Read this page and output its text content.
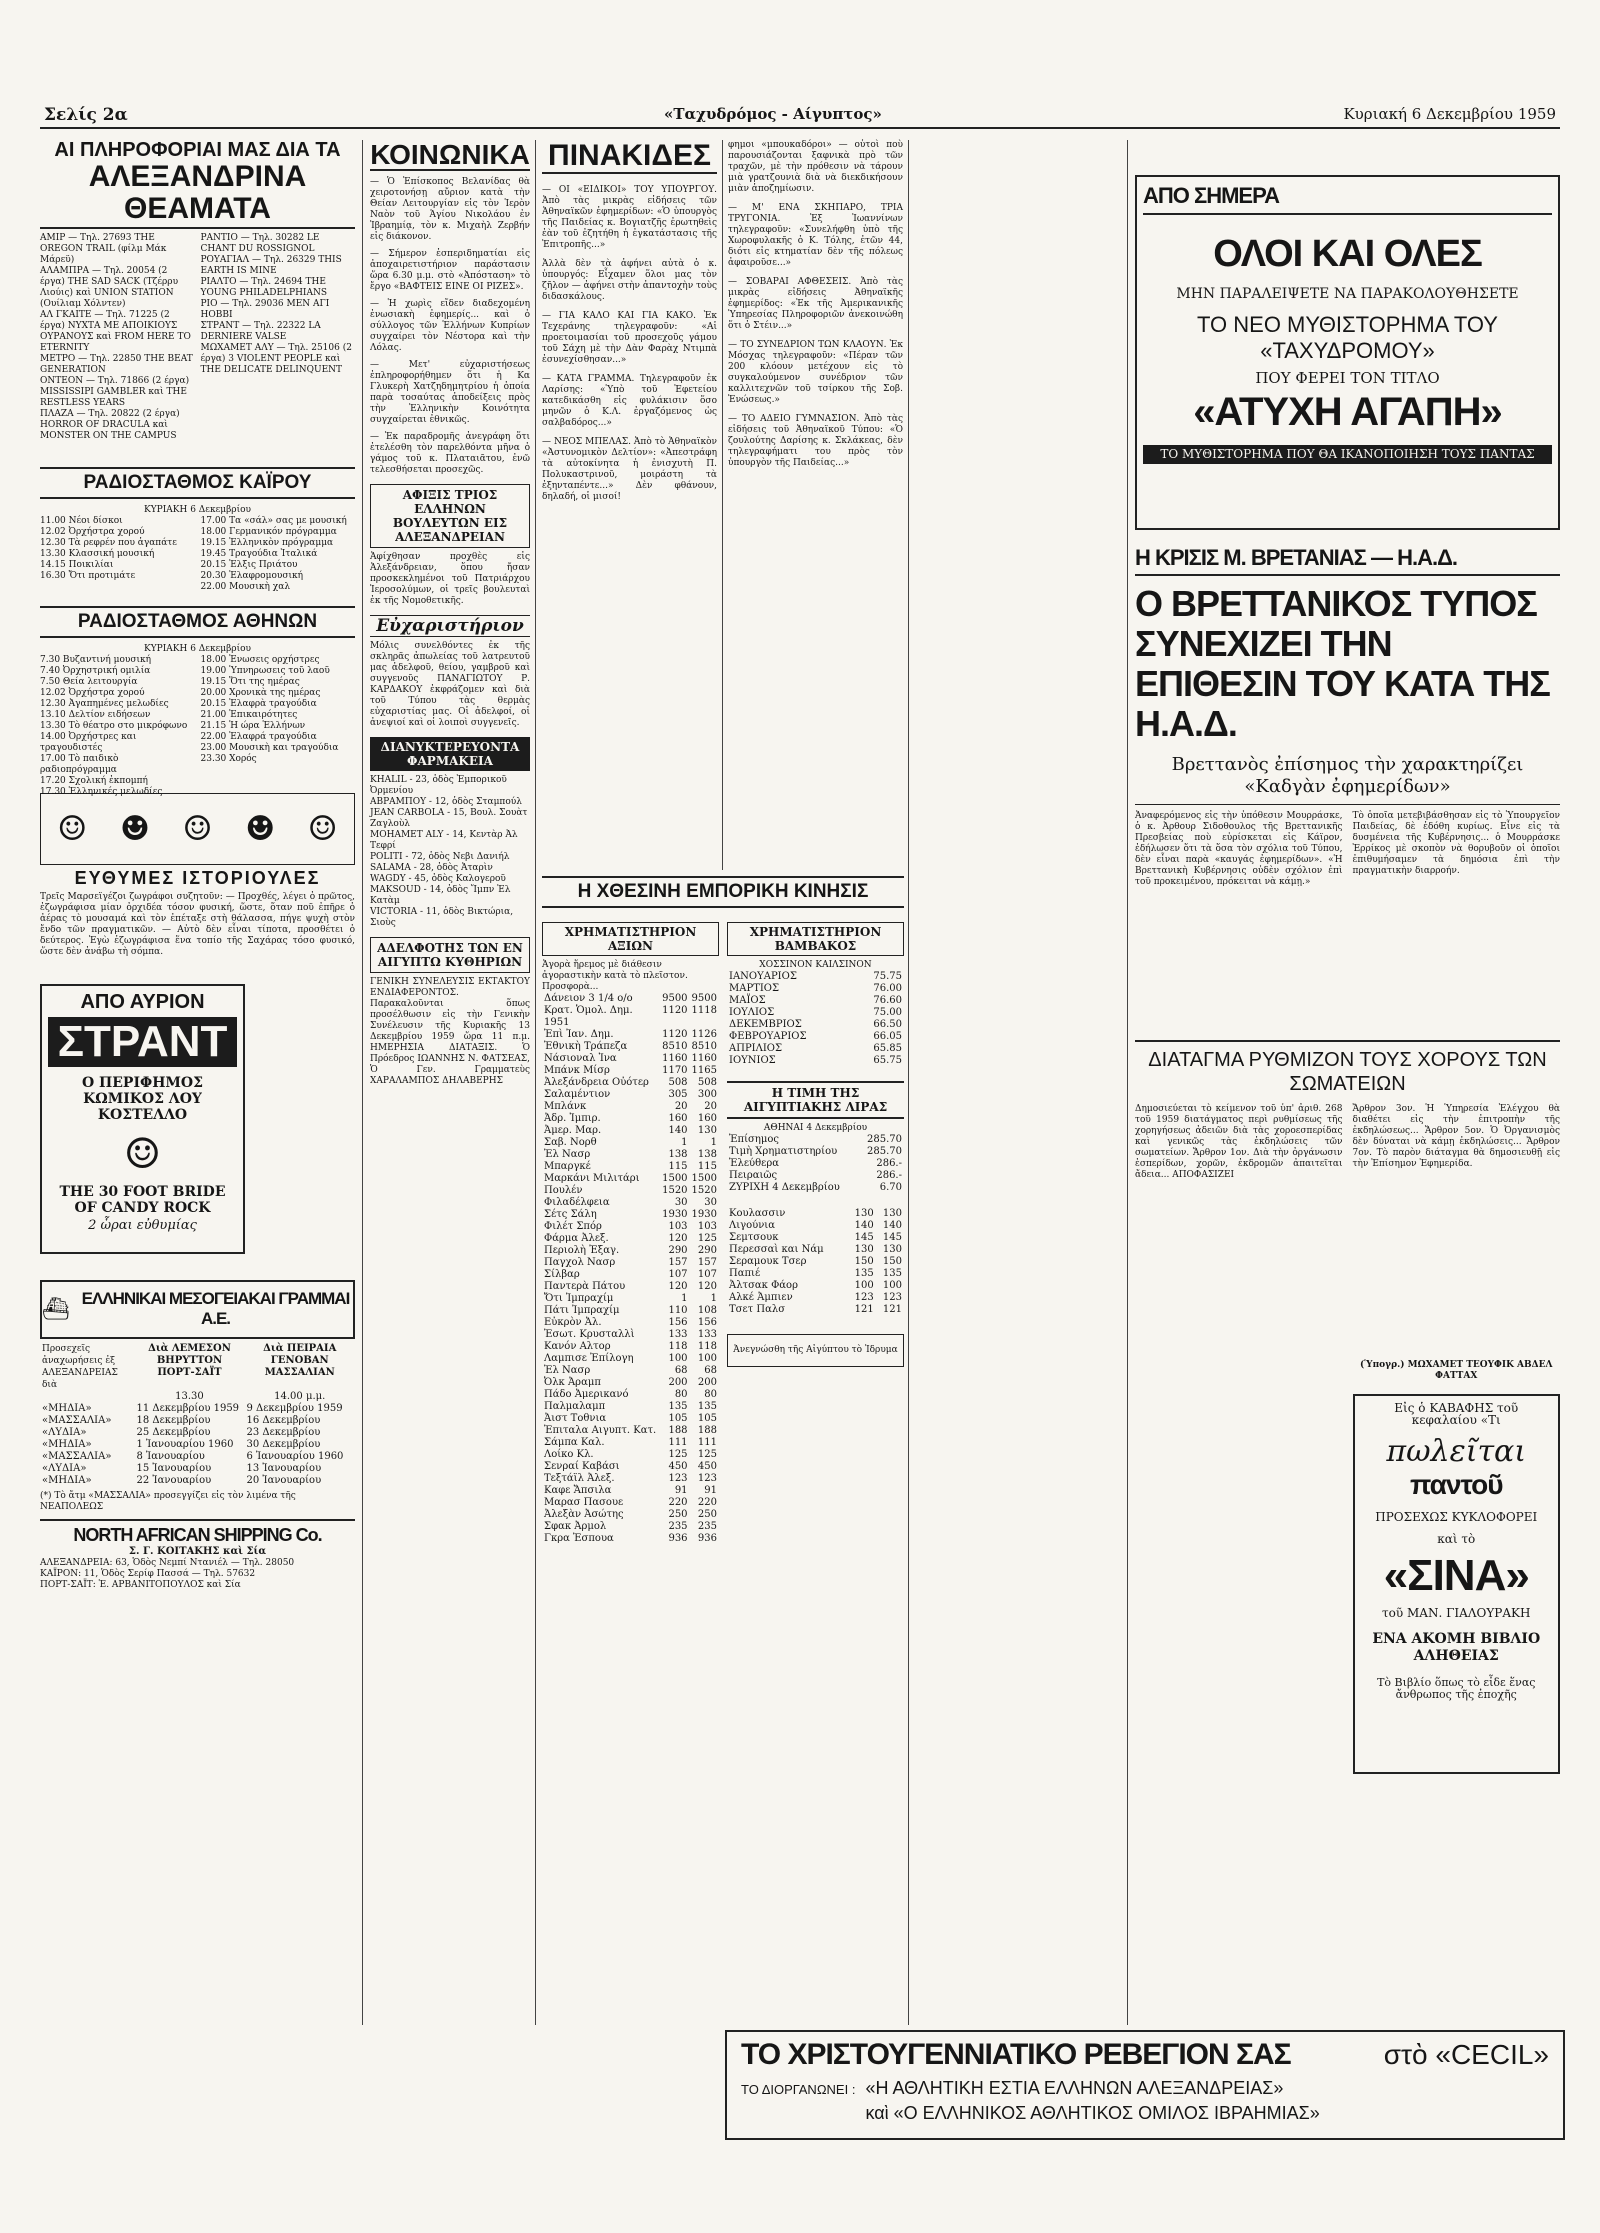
Σελίς 2α	«Ταχυδρόμος - Αίγυπτος»	Κυριακή 6 Δεκεμβρίου 1959
ΑΙ ΠΛΗΡΟΦΟΡΙΑΙ ΜΑΣ ΔΙΑ ΤΑ
ΑΛΕΞΑΝΔΡΙΝΑ ΘΕΑΜΑΤΑ

ΑΜΙΡ — Τηλ. 27693 THE OREGON TRAIL (φίλμ Μάκ Μάρεϋ)

ΑΛΑΜΠΡΑ — Τηλ. 20054 (2 έργα) THE SAD SACK (Τζέρρυ Λιούις) καὶ UNION STATION (Ουίλιαμ Χόλντεν)

ΑΛ ΓΚΑΙΤΕ — Τηλ. 71225 (2 έργα) ΝΥΧΤΑ ΜΕ ΑΠΟΙΚΙΟΥΣ ΟΥΡΑΝΟΥΣ καὶ FROM HERE TO ETERNITY

ΜΕΤΡΟ — Τηλ. 22850 THE BEAT GENERATION

ΟΝΤΕΟΝ — Τηλ. 71866 (2 έργα) MISSISSIPI GAMBLER καὶ THE RESTLESS YEARS

ΠΛΑΖΑ — Τηλ. 20822 (2 έργα) HORROR OF DRACULA καὶ MONSTER ON THE CAMPUS

ΡΑΝΤΙΟ — Τηλ. 30282 LE CHANT DU ROSSIGNOL

ΡΟΥΑΓΙΑΛ — Τηλ. 26329 THIS EARTH IS MINE

ΡΙΑΛΤΟ — Τηλ. 24694 THE YOUNG PHILADELPHIANS

ΡΙΟ — Τηλ. 29036 ΜΕΝ ΑΓΙ ΗΟΒΒΙ

ΣΤΡΑΝΤ — Τηλ. 22322 LA DERNIERE VALSE

ΜΩΧΑΜΕΤ ΑΛΥ — Τηλ. 25106 (2 έργα) 3 VIOLENT PEOPLE καὶ THE DELICATE DELINQUENT

ΡΑΔΙΟΣΤΑΘΜΟΣ ΚΑΪΡΟΥ

ΚΥΡΙΑΚΗ 6 Δεκεμβρίου

11.00 Νέοι δίσκοι

12.02 Ὀρχήστρα χορού

12.30 Τὰ ρεφρέν που ἀγαπάτε

13.30 Κλασσική μουσική

14.15 Ποικιλίαι

16.30 Ὄτι προτιμάτε

17.00 Τα «σάλ» σας με μουσική

18.00 Γερμανικόν πρόγραμμα

19.15 Ἐλληνικὸν πρόγραμμα

19.45 Τραγούδια Ἰταλικά

20.15 Ἐλξις Πριάτου

20.30 Ἐλαφρομουσική

22.00 Μουσικὴ χαλ

ΡΑΔΙΟΣΤΑΘΜΟΣ ΑΘΗΝΩΝ

ΚΥΡΙΑΚΗ 6 Δεκεμβρίου

7.30 Βυζαντινή μουσική

7.40 Ὀρχηστρική ομιλία

7.50 Θεία λειτουργία

12.02 Ὀρχήστρα χορού

12.30 Ἀγαπημένες μελωδίες

13.10 Δελτίον ειδήσεων

13.30 Τὸ θέατρο στο μικρόφωνο

14.00 Ὀρχήστρες και τραγουδιστές

17.00 Τὸ παιδικὸ ραδιοπρόγραμμα

17.20 Σχολική ἐκπομπή

17.30 Ἑλληνικές μελωδίες

18.00 Ἐνωσεις ορχήστρες

19.00 Ὑπνηρωσεις τοῦ λαοῦ

19.15 Ὅτι της ημέρας

20.00 Χρονικὰ της ημέρας

20.15 Ἐλαφρὰ τραγούδια

21.00 Ἐπικαιρότητες

21.15 Ἡ ώρα Ἑλλήνων

22.00 Ἐλαφρά τραγούδια

23.00 Μουσικὴ και τραγούδια

23.30 Χορός

☺ ☻ ☺ ☻ ☺
ΕΥΘΥΜΕΣ ΙΣΤΟΡΙΟΥΛΕΣ

Τρεῖς Μαρσεϊγέζοι ζωγράφοι συζητοῦν: — Προχθές, λέγει ὁ πρῶτος, ἐζωγράφισα μίαν ὀρχιδέα τόσον φυσική, ὥστε, ὅταν ποῦ ἐπῆρε ὁ ἀέρας τὸ μουσαμά καὶ τὸν ἐπέταξε στὴ θάλασσα, πήγε ψυχὴ στὸν ἔνδο τῶν πραγματικῶν. — Αὐτὸ δὲν εἶναι τίποτα, προσθέτει ὁ δεύτερος. Ἐγὼ ἐζωγράφισα ἕνα τοπίο τῆς Σαχάρας τόσο φυσικό, ὥστε δὲν ἀνάβω τὴ σόμπα.

ΑΠΟ ΑΥΡΙΟΝ
ΣΤΡΑΝΤ

Ο ΠΕΡΙΦΗΜΟΣ ΚΩΜΙΚΟΣ ΛΟΥ ΚΟΣΤΕΛΛΟ

☺

THE 30 FOOT BRIDE OF CANDY ROCK

2 ὧραι εὐθυμίας

⛴ ΕΛΛΗΝΙΚΑΙ ΜΕΣΟΓΕΙΑΚΑΙ ΓΡΑΜΜΑΙ Α.Ε.
Προσεχεῖς ἀναχωρήσεις ἐξ ΑΛΕΞΑΝΔΡΕΙΑΣ διὰ	Διὰ ΛΕΜΕΣΟΝ ΒΗΡΥΤΤΟΝ ΠΟΡΤ-ΣΑΪΤ	Διὰ ΠΕΙΡΑΙΑ ΓΕΝΟΒΑΝ ΜΑΣΣΑΛΙΑΝ
	13.30	14.00 μ.μ.
«ΜΗΔΙΑ»	11 Δεκεμβρίου 1959	9 Δεκεμβρίου 1959
«ΜΑΣΣΑΛΙΑ»	18 Δεκεμβρίου	16 Δεκεμβρίου
«ΛΥΔΙΑ»	25 Δεκεμβρίου	23 Δεκεμβρίου
«ΜΗΔΙΑ»	1 Ἰανουαρίου 1960	30 Δεκεμβρίου
«ΜΑΣΣΑΛΙΑ»	8 Ἰανουαρίου	6 Ἰανουαρίου 1960
«ΛΥΔΙΑ»	15 Ἰανουαρίου	13 Ἰανουαρίου
«ΜΗΔΙΑ»	22 Ἰανουαρίου	20 Ἰανουαρίου

(*) Τὸ ἄτμ «ΜΑΣΣΑΛΙΑ» προσεγγίζει εἰς τὸν λιμένα τῆς ΝΕΑΠΟΛΕΩΣ

NORTH AFRICAN SHIPPING Co.

Σ. Γ. ΚΟΙΤΑΚΗΣ καὶ Σία

ΑΛΕΞΑΝΔΡΕΙΑ: 63, Ὁδὸς Νεμπί Ντανιέλ — Τηλ. 28050

ΚΑΪΡΟΝ: 11, Ὁδὸς Σερίφ Πασσά — Τηλ. 57632

ΠΟΡΤ-ΣΑΪΤ: Ἑ. ΑΡΒΑΝΙΤΟΠΟΥΛΟΣ καὶ Σία

ΚΟΙΝΩΝΙΚΑ

— Ὁ Ἐπίσκοπος Βελανίδας θὰ χειροτονήσῃ αὔριον κατὰ τὴν Θείαν Λειτουργίαν εἰς τὸν Ἱερὸν Ναὸν τοῦ Ἁγίου Νικολάου ἐν Ἰβραημίᾳ, τὸν κ. Μιχαὴλ Ζερβήν εἰς διάκονον.

— Σήμερον ἑσπεριδηματίαι εἰς ἀποχαιρετιστήριον παράστασιν ὥρα 6.30 μ.μ. στὸ «Ἀπόσταση» τὸ ἔργο «ΒΑΦΤΕΙΣ ΕΙΝΕ ΟΙ ΡΙΖΕΣ».

— Ἡ χωρὶς εἴδεν διαδεχομένη ἐνωσιακὴ ἐφημερίς... καὶ ὁ σύλλογος τῶν Ἑλλήνων Κυπρίων συγχαίρει τὸν Νέστορα καὶ τὴν Λόλας.

— Μετ' εὐχαριστήσεως ἐπληροφορήθημεν ὅτι ἡ Κα Γλυκερὴ Χατζηδημητρίου ἡ ὁποία παρὰ τοσαύτας ἀποδείξεις πρὸς τὴν Ἐλληνικὴν Κοινότητα συγχαίρεται ἐθνικῶς.

— Ἐκ παραδρομῆς ἀνεγράφη ὅτι ἐτελέσθη τὸν παρελθόντα μῆνα ὁ γάμος τοῦ κ. Πλαταιᾶτου, ἐνῶ τελεσθήσεται προσεχῶς.

ΑΦΙΞΙΣ ΤΡΙΟΣ ΕΛΛΗΝΩΝ ΒΟΥΛΕΥΤΩΝ ΕΙΣ ΑΛΕΞΑΝΔΡΕΙΑΝ

Ἀφίχθησαν προχθὲς εἰς Ἀλεξάνδρειαν, ὅπου ἤσαν προσκεκλημένοι τοῦ Πατριάρχου Ἱεροσολύμων, οἱ τρεῖς βουλευταὶ ἐκ τῆς Νομοθετικῆς.

Εὐχαριστήριον

Μόλις συνελθόντες ἐκ τῆς σκληρᾶς ἀπωλείας τοῦ λατρευτοῦ μας ἀδελφοῦ, θείου, γαμβροῦ καὶ συγγενοῦς ΠΑΝΑΓΙΩΤΟΥ Ρ. ΚΑΡΔΑΚΟΥ ἐκφράζομεν καὶ διὰ τοῦ Τύπου τὰς θερμὰς εὐχαριστίας μας. Οἱ ἀδελφοί, οἱ ἀνεψιοί καὶ οἱ λοιποὶ συγγενεῖς.

ΔΙΑΝΥΚΤΕΡΕΥΟΝΤΑ ΦΑΡΜΑΚΕΙΑ

KHALIL - 23, ὁδὸς Ἐμπορικοῦ Ὀρμενίου

ΑΒΡΑΜΠΟΥ - 12, ὁδὸς Σταμπούλ

JEAN CARBOLA - 15, Βουλ. Σουὰτ Ζαγλοὺλ

MOHAMET ALY - 14, Κεντὰρ Ἀλ Τεφρί

POLITI - 72, ὁδὸς Νεβι Δανιήλ

SALAMA - 28, ὁδὸς Ἀταρὶν

WAGDY - 45, ὁδὸς Καλογεροῦ

MAKSOUD - 14, ὁδὸς Ἴμπν Ἐλ Κατὰμ

VICTORIA - 11, ὁδὸς Βικτώρια, Σιοὺς

ΑΔΕΛΦΟΤΗΣ ΤΩΝ ΕΝ ΑΙΓΥΠΤΩ ΚΥΘΗΡΙΩΝ

ΓΕΝΙΚΗ ΣΥΝΕΛΕΥΣΙΣ ΕΚΤΑΚΤΟΥ ΕΝΔΙΑΦΕΡΟΝΤΟΣ. Παρακαλοῦνται ὅπως προσέλθωσιν εἰς τὴν Γενικὴν Συνέλευσιν τῆς Κυριακῆς 13 Δεκεμβρίου 1959 ὥρα 11 π.μ. ΗΜΕΡΗΣΙΑ ΔΙΑΤΑΞΙΣ. Ὁ Πρόεδρος ΙΩΑΝΝΗΣ Ν. ΦΑΤΣΕΑΣ, Ὁ Γεν. Γραμματεὺς ΧΑΡΑΛΑΜΠΟΣ ΔΗΛΑΒΕΡΗΣ

ΠΙΝΑΚΙΔΕΣ

— ΟΙ «ΕΙΔΙΚΟΙ» ΤΟΥ ΥΠΟΥΡΓΟΥ. Ἀπὸ τὰς μικρὰς εἰδήσεις τῶν Ἀθηναϊκῶν ἐφημερίδων: «Ὁ ὑπουργὸς τῆς Παιδείας κ. Βογιατζῆς ἐρωτηθεὶς ἐὰν τοῦ ἐζητήθη ἡ ἐγκατάστασις τῆς Ἐπιτροπῆς...»

Ἀλλὰ δὲν τὰ ἀφήνει αὐτὰ ὁ κ. ὑπουργός: Εἶχαμεν ὅλοι μας τὸν ζῆλον — ἀφήνει στὴν ἀπαντοχὴν τοὺς διδασκάλους.

— ΓΙΑ ΚΑΛΟ ΚΑΙ ΓΙΑ ΚΑΚΟ. Ἐκ Τεχεράνης τηλεγραφοῦν: «Αἱ προετοιμασίαι τοῦ προσεχοῦς γάμου τοῦ Σάχη μὲ τὴν Δὰν Φαρὰχ Ντιμπὰ ἐσυνεχίσθησαν...»

— ΚΑΤΑ ΓΡΑΜΜΑ. Τηλεγραφοῦν ἐκ Λαρίσης: «Ὑπὸ τοῦ Ἐφετείου κατεδικάσθη εἰς φυλάκισιν ὅσο μηνῶν ὁ Κ.Λ. ἐργαζόμενος ὡς σαλβαδόρος...»

— ΝΕΟΣ ΜΠΕΛΑΣ. Ἀπὸ τὸ Ἀθηναϊκὸν «Ἀστυνομικὸν Δελτίον»: «Ἀπεστράφη τὰ αὐτοκίνητα ἡ ἐνισχυτὴ Π. Πολυκαστρινοῦ, μοιράστη τὰ ἐξηνταπέντε...» Δὲν φθάνουν, δηλαδή, οἱ μισοί!

φημοι «μπουκαδόροι» — οὐτοὶ ποὺ παρουσιάζονται ξαφνικὰ πρὸ τῶν τραχῶν, μὲ τὴν πρόθεσιν νὰ τάρουν μιὰ γρατζουνιὰ διὰ νὰ διεκδικήσουν μιὰν ἀποζημίωσιν.

— Μ' ΕΝΑ ΣΚΗΠΑΡΟ, ΤΡΙΑ ΤΡΥΓΟΝΙΑ. Ἐξ Ἰωαννίνων τηλεγραφοῦν: «Συνελήφθη ὑπὸ τῆς Χωροφυλακῆς ὁ Κ. Τόλης, ἐτῶν 44, διότι εἰς κτηματίαν δὲν τῆς πόλεως ἀφαιροῦσε...»

— ΣΟΒΑΡΑΙ ΑΦΘΕΣΕΙΣ. Ἀπὸ τὰς μικρὰς εἰδήσεις Ἀθηναϊκῆς ἐφημερίδος: «Ἐκ τῆς Ἀμερικανικῆς Ὑπηρεσίας Πληροφοριῶν ἀνεκοινώθη ὅτι ὁ Στέιν...»

— ΤΟ ΣΥΝΕΔΡΙΟΝ ΤΩΝ ΚΛΑΟΥΝ. Ἐκ Μόσχας τηλεγραφοῦν: «Πέραν τῶν 200 κλόουν μετέχουν εἰς τὸ συγκαλούμενον συνέδριον τῶν καλλιτεχνῶν τοῦ τσίρκου τῆς Σοβ. Ἑνώσεως.»

— ΤΟ ΑΔΕΙΟ ΓΥΜΝΑΣΙΟΝ. Ἀπὸ τὰς εἰδήσεις τοῦ Ἀθηναϊκοῦ Τύπου: «Ὁ ζουλούτης Δαρίσης κ. Σκλάκεας, δὲν τηλεγραφήματι του πρὸς τὸν ὑπουργὸν τῆς Παιδείας...»

Η ΧΘΕΣΙΝΗ ΕΜΠΟΡΙΚΗ ΚΙΝΗΣΙΣ
ΧΡΗΜΑΤΙΣΤΗΡΙΟΝ ΑΞΙΩΝ

Ἀγορὰ ἥρεμος μὲ διάθεσιν ἀγοραστικὴν κατὰ τὸ πλεῖστον. Προσφορὰ...

Δάνειον 3 1/4 ο/ο	9500	9500
Κρατ. Ὁμολ. Δημ. 1951	1120	1118
Ἐπὶ Ἰαν. Δημ.	1120	1126
Ἐθνικὴ Τράπεζα	8510	8510
Νάσιοναλ Ἰνα	1160	1160
Μπάνκ Μίσρ	1170	1165
Ἀλεξάνδρεια Οὐότερ	508	508
Σαλαμέντιον	305	300
Μπλάνκ	20	20
Ἀδρ. Ἰμπιρ.	160	160
Ἀμερ. Μαρ.	140	130
Σαβ. Νορθ	1	1
Ἐλ Νασρ	138	138
Μπαργκέ	115	115
Μαρκάνι Μιλιτάρι	1500	1500
Πουλέν	1520	1520
Φιλαδέλφεια	30	30
Σέτς Σάλη	1930	1930
Φιλέτ Σπόρ	103	103
Φάρμα Ἀλεξ.	120	125
Περιολὴ Ἐξαγ.	290	290
Παγχολ Νασρ	157	157
Σίλβαρ	107	107
Παντερὰ Πάτου	120	120
Ὄτι Ἰμπραχίμ	1	1
Πάτι Ἰμπραχίμ	110	108
Εὐκρὸν Ἀλ.	156	156
Ἐσωτ. Κρυσταλλὶ	133	133
Κανόν Αλτορ	118	118
Λαμπισε Ἐπίλογη	100	100
Ἐλ Νασρ	68	68
Ὀλκ Ἀραμπ	200	200
Πάδο Ἀμερικανό	80	80
Παλμαλαμπ	135	135
Ἀιστ Τοθνια	105	105
Ἐπιταλα Αιγυπτ. Κατ.	188	188
Σάμπα Καλ.	111	111
Λοίκο Κλ.	125	125
Σενραί Καβάσι	450	450
Τεξτάϊλ Ἀλεξ.	123	123
Καφε Ἄπσιλα	91	91
Μαρασ Πασουε	220	220
Ἀλεξὰν Ἀσώτης	250	250
Σφακ Ἀρμολ	235	235
Γκρα Ἐσπουα	936	936
ΧΡΗΜΑΤΙΣΤΗΡΙΟΝ ΒΑΜΒΑΚΟΣ

ΧΟΣΣΙΝΟΝ ΚΑΙΛΣΙΝΟΝ

ΙΑΝΟΥΑΡΙΟΣ	75.75
ΜΑΡΤΙΟΣ	76.00
ΜΑΪΟΣ	76.60
ΙΟΥΛΙΟΣ	75.00
ΔΕΚΕΜΒΡΙΟΣ	66.50
ΦΕΒΡΟΥΑΡΙΟΣ	66.05
ΑΠΡΙΛΙΟΣ	65.85
ΙΟΥΝΙΟΣ	65.75
Η ΤΙΜΗ ΤΗΣ ΑΙΓΥΠΤΙΑΚΗΣ ΛΙΡΑΣ

ΑΘΗΝΑΙ 4 Δεκεμβρίου

Ἐπίσημος	285.70
Τιμὴ Χρηματιστηρίου	285.70
Ἐλεύθερα	286.-
Πειραιῶς	286.-
ΖΥΡΙΧΗ 4 Δεκεμβρίου	6.70
Κουλασσιν	130	130
Λιγούνια	140	140
Σεμτσουκ	145	145
Περεσσαὶ και Νάμ	130	130
Σεραμουκ Τσερ	150	150
Παπιέ	135	135
Ἀλτσακ Φάορ	100	100
Αλκέ Ἀμπιεν	123	123
Τσετ Παλσ	121	121

Ἀνεγνώσθη τῆς Αἰγύπτου τὸ Ἰδρυμα

ΑΠΟ ΣΗΜΕΡΑ
ΟΛΟΙ ΚΑΙ ΟΛΕΣ

ΜΗΝ ΠΑΡΑΛΕΙΨΕΤΕ ΝΑ ΠΑΡΑΚΟΛΟΥΘΗΣΕΤΕ

ΤΟ ΝΕΟ ΜΥΘΙΣΤΟΡΗΜΑ ΤΟΥ «ΤΑΧΥΔΡΟΜΟΥ»

ΠΟΥ ΦΕΡΕΙ ΤΟΝ ΤΙΤΛΟ

«ΑΤΥΧΗ ΑΓΑΠΗ»

ΤΟ ΜΥΘΙΣΤΟΡΗΜΑ ΠΟΥ ΘΑ ΙΚΑΝΟΠΟΙΗΣΗ ΤΟΥΣ ΠΑΝΤΑΣ

Η ΚΡΙΣΙΣ Μ. ΒΡΕΤΑΝΙΑΣ — Η.Α.Δ.
Ο ΒΡΕΤΤΑΝΙΚΟΣ ΤΥΠΟΣ ΣΥΝΕΧΙΖΕΙ ΤΗΝ ΕΠΙΘΕΣΙΝ ΤΟΥ ΚΑΤΑ ΤΗΣ Η.Α.Δ.
Βρεττανὸς ἐπίσημος τὴν χαρακτηρίζει «Καδγὰν ἐφημερίδων»

Ἀναφερόμενος εἰς τὴν ὑπόθεσιν Μουρράσκε, ὁ κ. Ἀρθουρ Σιδοθουλος τῆς Βρεττανικῆς Πρεσβείας ποὺ εὑρίσκεται εἰς Κάϊρον, ἐδήλωσεν ὅτι τὰ ὅσα τὸν σχόλια τοῦ Τύπου, δὲν εἶναι παρὰ «καυγάς ἐφημερίδων». «Ἡ Βρεττανικὴ Κυβέρνησις οὐδὲν σχόλιον ἐπὶ τοῦ προκειμένου, πρόκειται νὰ κάμῃ.»

Τὸ ὁποῖα μετεβιβάσθησαν εἰς τὸ Ὑπουργεῖον Παιδείας, δὲ ἐδόθη κυρίως. Εἶνε εἰς τὰ δυσμένεια τῆς Κυβέρνησις... ὁ Μουρράσκε Ἐρρίκος μὲ σκοπὸν νὰ θορυβοῦν οἱ ὁποῖοι ἐπιθυμήσαμεν τὰ δημόσια ἐπὶ τὴν πραγματικὴν διαρροήν.

ΔΙΑΤΑΓΜΑ ΡΥΘΜΙΖΟΝ ΤΟΥΣ ΧΟΡΟΥΣ ΤΩΝ ΣΩΜΑΤΕΙΩΝ

Δημοσιεύεται τὸ κείμενον τοῦ ὑπ' ἀριθ. 268 τοῦ 1959 διατάγματος περὶ ρυθμίσεως τῆς χορηγήσεως ἀδειῶν διὰ τὰς χοροεσπερίδας καὶ γενικῶς τὰς ἐκδηλώσεις τῶν σωματείων. Ἄρθρον 1ον. Διὰ τὴν ὀργάνωσιν ἑσπερίδων, χορῶν, ἐκδρομῶν ἀπαιτεῖται ἄδεια... ΑΠΟΦΑΣΙΖΕΙ

Ἄρθρον 3ον. Ἡ Ὑπηρεσία Ἐλέγχου θὰ διαθέτει εἰς τὴν ἐπιτροπὴν τῆς ἐκδηλώσεως... Ἄρθρον 5ον. Ὁ Ὀργανισμὸς δὲν δύναται νὰ κάμῃ ἐκδηλώσεις... Ἄρθρον 7ον. Τὸ παρὸν διάταγμα θὰ δημοσιευθῇ εἰς τὴν Ἐπίσημον Ἐφημερίδα.

(Ὑπογρ.) ΜΩΧΑΜΕΤ ΤΕΟΥΦΙΚ ΑΒΔΕΛ ΦΑΤΤΑΧ

Εἰς ὁ ΚΑΒΑΦΗΣ τοῦ κεφαλαίου «Τι

πωλεῖται
παντοῦ

ΠΡΟΣΕΧΩΣ ΚΥΚΛΟΦΟΡΕΙ

καὶ τὸ

«ΣΙΝΑ»

τοῦ ΜΑΝ. ΓΙΑΛΟΥΡΑΚΗ

ΕΝΑ ΑΚΟΜΗ ΒΙΒΛΙΟ ΑΛΗΘΕΙΑΣ

Τὸ Βιβλίο ὅπως τὸ εἶδε ἕνας ἄνθρωπος τῆς ἐποχῆς

ΤΟ ΧΡΙΣΤΟΥΓΕΝΝΙΑΤΙΚΟ ΡΕΒΕΓΙΟΝ ΣΑΣ	στὸ «CECIL»
ΤΟ ΔΙΟΡΓΑΝΩΝΕΙ : «Η ΑΘΛΗΤΙΚΗ ΕΣΤΙΑ ΕΛΛΗΝΩΝ ΑΛΕΞΑΝΔΡΕΙΑΣ»
καὶ «Ο ΕΛΛΗΝΙΚΟΣ ΑΘΛΗΤΙΚΟΣ ΟΜΙΛΟΣ ΙΒΡΑΗΜΙΑΣ»
